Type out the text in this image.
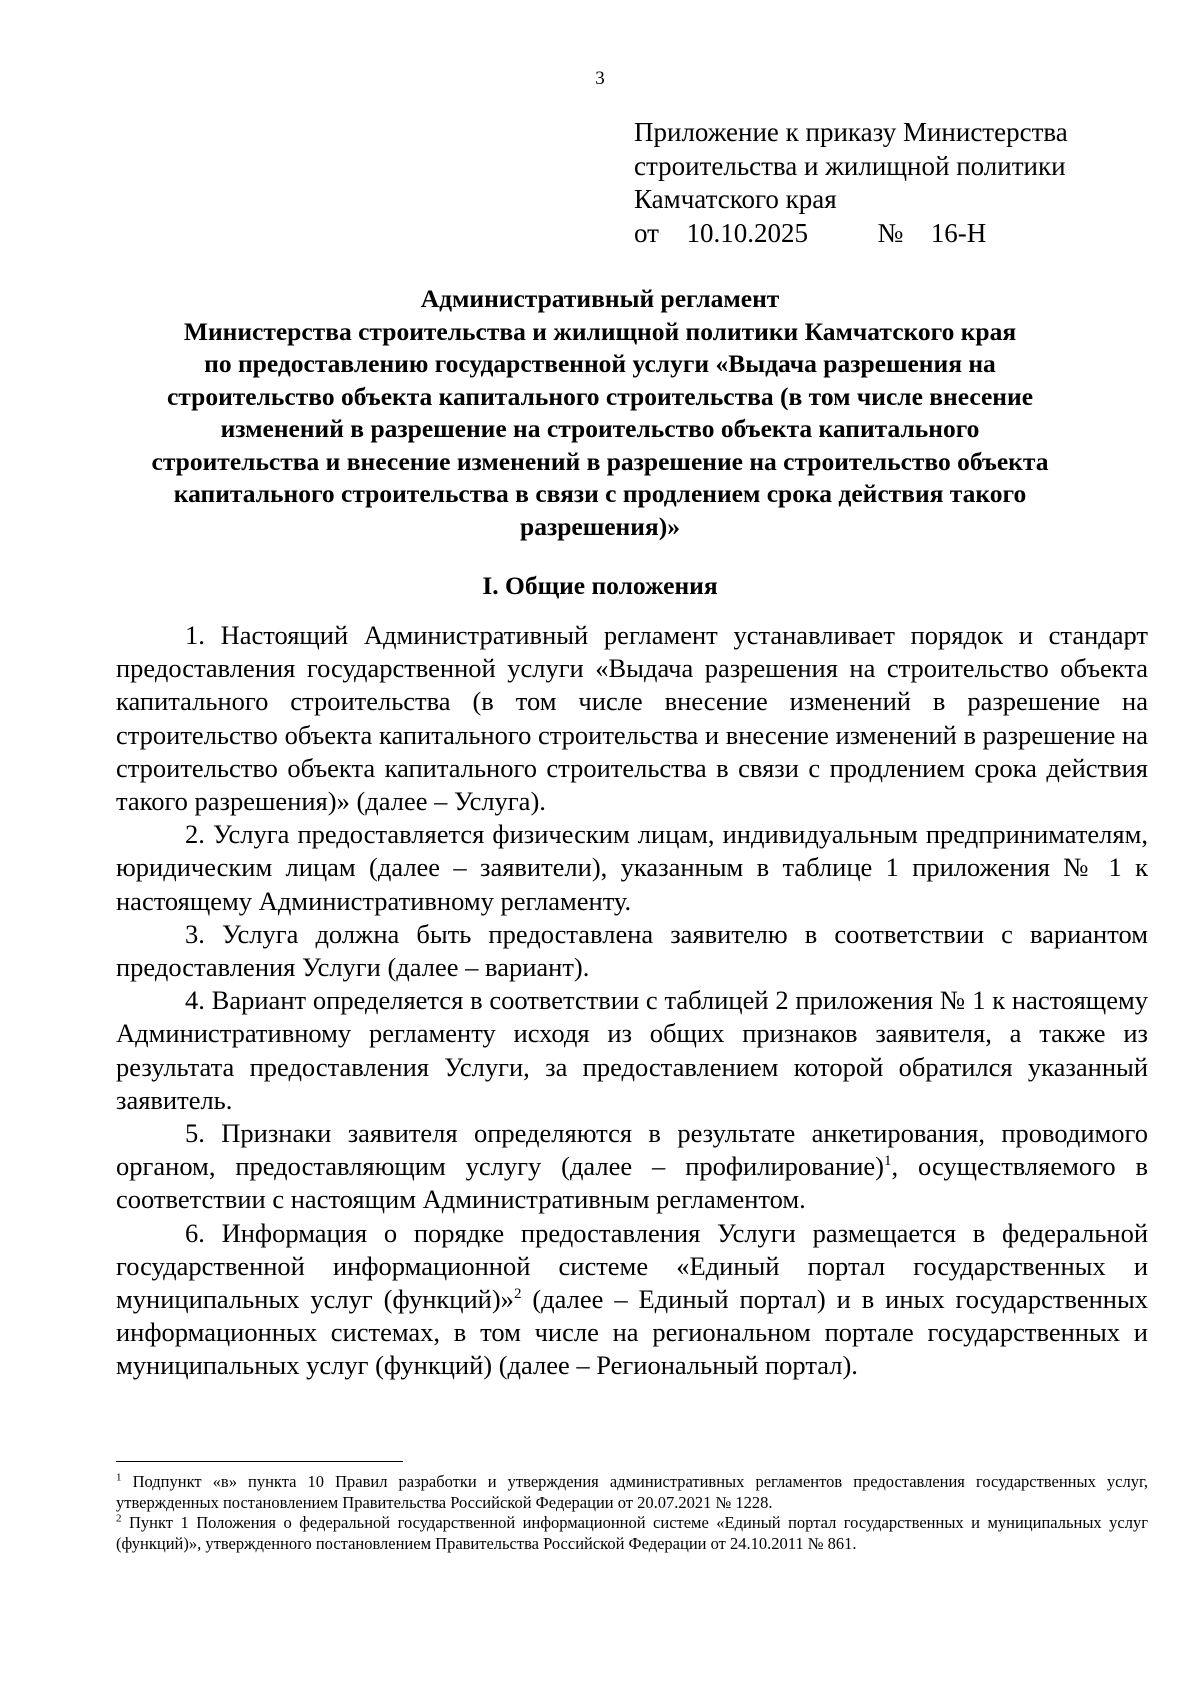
3
Приложение к приказу Министерства
строительства и жилищной политики
Камчатского края
от 10.10.2025	№ 16-Н
Административный регламент
Министерства строительства и жилищной политики Камчатского края
по предоставлению государственной услуги «Выдача разрешения на
строительство объекта капитального строительства (в том числе внесение
изменений в разрешение на строительство объекта капитального
строительства и внесение изменений в разрешение на строительство объекта
капитального строительства в связи с продлением срока действия такого
разрешения)»
I. Общие положения

1. Настоящий Административный регламент устанавливает порядок и стандарт предоставления государственной услуги «Выдача разрешения на строительство объекта капитального строительства (в том числе внесение изменений в разрешение на строительство объекта капитального строительства и внесение изменений в разрешение на строительство объекта капитального строительства в связи с продлением срока действия такого разрешения)» (далее – Услуга).

2. Услуга предоставляется физическим лицам, индивидуальным предпринимателям, юридическим лицам (далее – заявители), указанным в таблице 1 приложения № 1 к настоящему Административному регламенту.

3. Услуга должна быть предоставлена заявителю в соответствии с вариантом предоставления Услуги (далее – вариант).

4. Вариант определяется в соответствии с таблицей 2 приложения № 1 к настоящему Административному регламенту исходя из общих признаков заявителя, а также из результата предоставления Услуги, за предоставлением которой обратился указанный заявитель.

5. Признаки заявителя определяются в результате анкетирования, проводимого органом, предоставляющим услугу (далее – профилирование)$^1$, осуществляемого в соответствии с настоящим Административным регламентом.

6. Информация о порядке предоставления Услуги размещается в федеральной государственной информационной системе «Единый портал государственных и муниципальных услуг (функций)»$^2$ (далее – Единый портал) и в иных государственных информационных системах, в том числе на региональном портале государственных и муниципальных услуг (функций) (далее – Региональный портал).

$^1$ Подпункт «в» пункта 10 Правил разработки и утверждения административных регламентов предоставления государственных услуг, утвержденных постановлением Правительства Российской Федерации от 20.07.2021 № 1228.

$^2$ Пункт 1 Положения о федеральной государственной информационной системе «Единый портал государственных и муниципальных услуг (функций)», утвержденного постановлением Правительства Российской Федерации от 24.10.2011 № 861.
